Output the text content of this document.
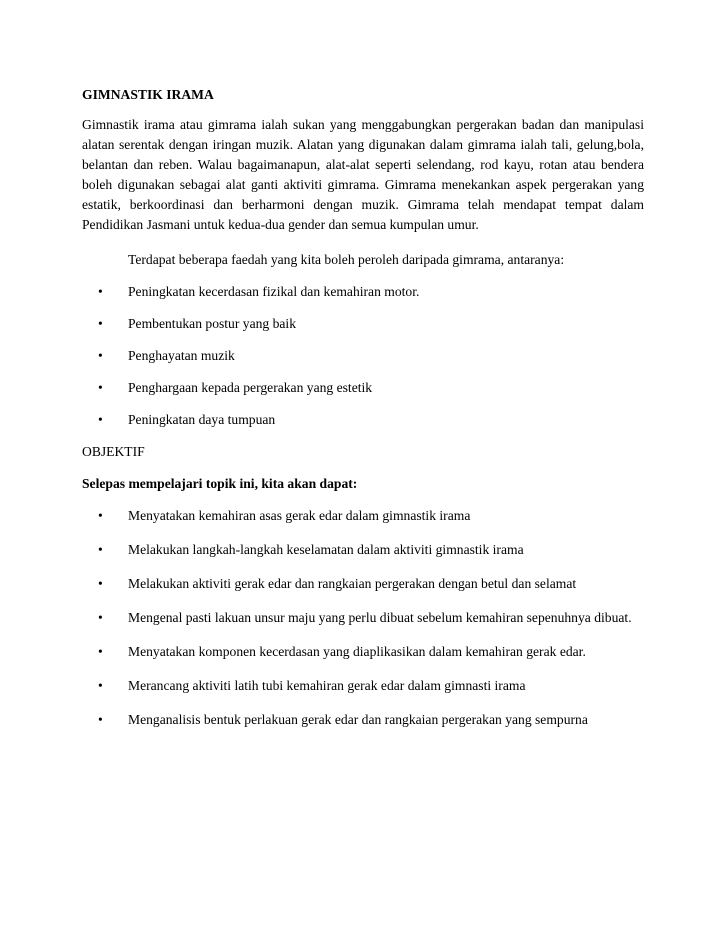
GIMNASTIK IRAMA

Gimnastik irama atau gimrama ialah sukan yang menggabungkan pergerakan badan dan manipulasi alatan serentak dengan iringan muzik. Alatan yang digunakan dalam gimrama ialah tali, gelung,bola, belantan dan reben. Walau bagaimanapun, alat-alat seperti selendang, rod kayu, rotan atau bendera boleh digunakan sebagai alat ganti aktiviti gimrama. Gimrama menekankan aspek pergerakan yang estatik, berkoordinasi dan berharmoni dengan muzik. Gimrama telah mendapat tempat dalam Pendidikan Jasmani untuk kedua-dua gender dan semua kumpulan umur.

Terdapat beberapa faedah yang kita boleh peroleh daripada gimrama, antaranya:

• Peningkatan kecerdasan fizikal dan kemahiran motor.
• Pembentukan postur yang baik
• Penghayatan muzik
• Penghargaan kepada pergerakan yang estetik
• Peningkatan daya tumpuan

OBJEKTIF

Selepas mempelajari topik ini, kita akan dapat:

• Menyatakan kemahiran asas gerak edar dalam gimnastik irama
• Melakukan langkah-langkah keselamatan dalam aktiviti gimnastik irama
• Melakukan aktiviti gerak edar dan rangkaian pergerakan dengan betul dan selamat
• Mengenal pasti lakuan unsur maju yang perlu dibuat sebelum kemahiran sepenuhnya dibuat.
• Menyatakan komponen kecerdasan yang diaplikasikan dalam kemahiran gerak edar.
• Merancang aktiviti latih tubi kemahiran gerak edar dalam gimnasti irama
• Menganalisis bentuk perlakuan gerak edar dan rangkaian pergerakan yang sempurna
